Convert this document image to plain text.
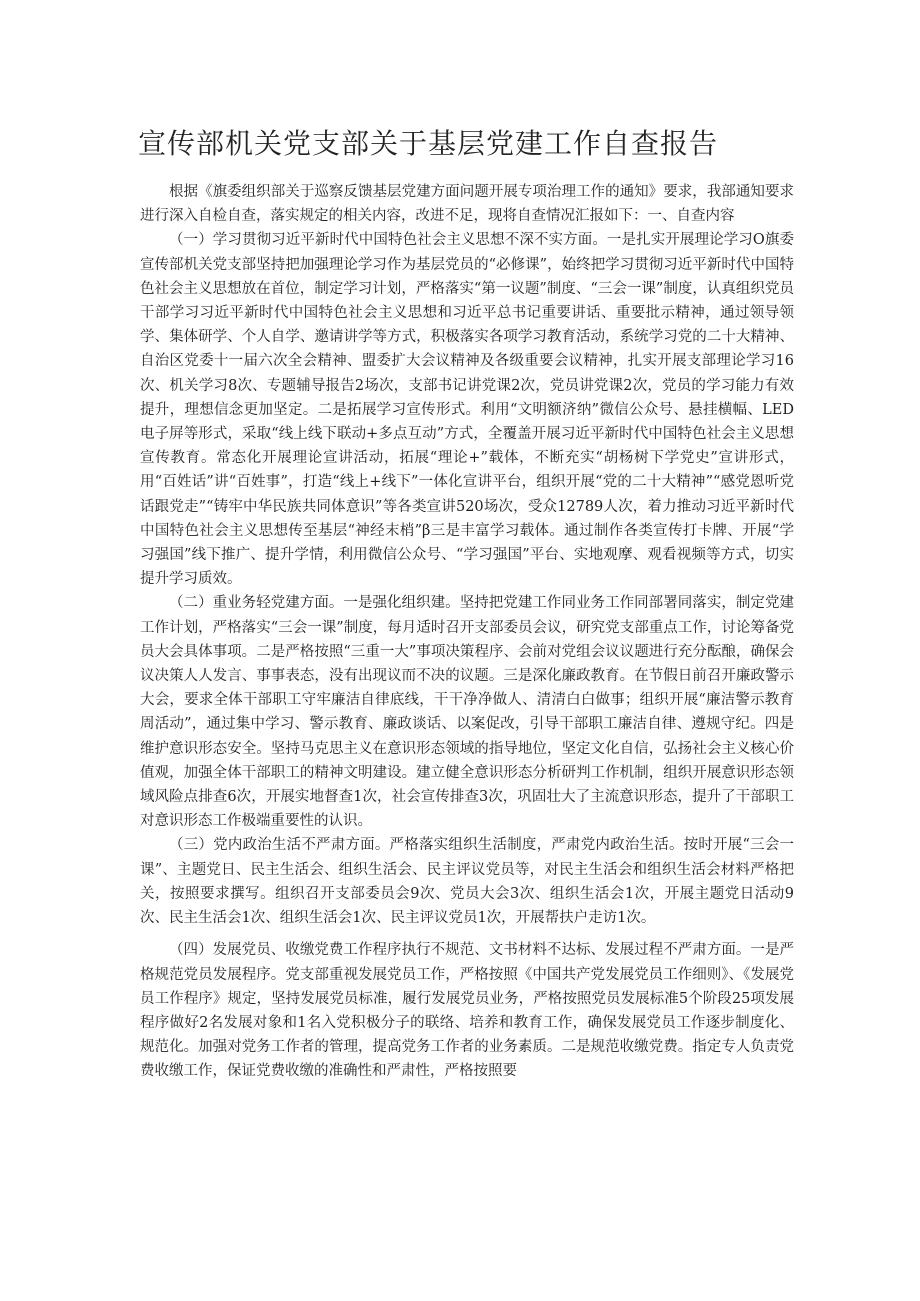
宣传部机关党支部关于基层党建工作自查报告

根据《旗委组织部关于巡察反馈基层党建方面问题开展专项治理工作的通知》要求，我部通知要求进行深入自检自查，落实规定的相关内容，改进不足，现将自查情况汇报如下：一、自查内容

（一）学习贯彻习近平新时代中国特色社会主义思想不深不实方面。一是扎实开展理论学习O旗委宣传部机关党支部坚持把加强理论学习作为基层党员的“必修课”，始终把学习贯彻习近平新时代中国特色社会主义思想放在首位，制定学习计划，严格落实“第一议题”制度、“三会一课”制度，认真组织党员干部学习习近平新时代中国特色社会主义思想和习近平总书记重要讲话、重要批示精神，通过领导领学、集体研学、个人自学、邀请讲学等方式，积极落实各项学习教育活动，系统学习党的二十大精神、自治区党委十一届六次全会精神、盟委扩大会议精神及各级重要会议精神，扎实开展支部理论学习16次、机关学习8次、专题辅导报告2场次，支部书记讲党课2次，党员讲党课2次，党员的学习能力有效提升，理想信念更加坚定。二是拓展学习宣传形式。利用“文明额济纳”微信公众号、悬挂横幅、LED电子屏等形式，采取“线上线下联动+多点互动”方式，全覆盖开展习近平新时代中国特色社会主义思想宣传教育。常态化开展理论宣讲活动，拓展“理论+”载体，不断充实“胡杨树下学党史”宣讲形式，用“百姓话”讲“百姓事”，打造“线上+线下”一体化宣讲平台，组织开展“党的二十大精神”“感党恩听党话跟党走”“铸牢中华民族共同体意识”等各类宣讲520场次，受众12789人次，着力推动习近平新时代中国特色社会主义思想传至基层“神经末梢”β三是丰富学习载体。通过制作各类宣传打卡牌、开展“学习强国”线下推广、提升学情，利用微信公众号、“学习强国”平台、实地观摩、观看视频等方式，切实提升学习质效。

（二）重业务轻党建方面。一是强化组织建。坚持把党建工作同业务工作同部署同落实，制定党建工作计划，严格落实“三会一课”制度，每月适时召开支部委员会议，研究党支部重点工作，讨论筹备党员大会具体事项。二是严格按照“三重一大”事项决策程序、会前对党组会议议题进行充分酝酿，确保会议决策人人发言、事事表态，没有出现议而不决的议题。三是深化廉政教育。在节假日前召开廉政警示大会，要求全体干部职工守牢廉洁自律底线，干干净净做人、清清白白做事；组织开展“廉洁警示教育周活动”，通过集中学习、警示教育、廉政谈话、以案促改，引导干部职工廉洁自律、遵规守纪。四是维护意识形态安全。坚持马克思主义在意识形态领域的指导地位，坚定文化自信，弘扬社会主义核心价值观，加强全体干部职工的精神文明建设。建立健全意识形态分析研判工作机制，组织开展意识形态领域风险点排查6次，开展实地督查1次，社会宣传排查3次，巩固壮大了主流意识形态，提升了干部职工对意识形态工作极端重要性的认识。

（三）党内政治生活不严肃方面。严格落实组织生活制度，严肃党内政治生活。按时开展“三会一课”、主题党日、民主生活会、组织生活会、民主评议党员等，对民主生活会和组织生活会材料严格把关，按照要求撰写。组织召开支部委员会9次、党员大会3次、组织生活会1次，开展主题党日活动9次、民主生活会1次、组织生活会1次、民主评议党员1次，开展帮扶户走访1次。

（四）发展党员、收缴党费工作程序执行不规范、文书材料不达标、发展过程不严肃方面。一是严格规范党员发展程序。党支部重视发展党员工作，严格按照《中国共产党发展党员工作细则》、《发展党员工作程序》规定，坚持发展党员标准，履行发展党员业务，严格按照党员发展标准5个阶段25项发展程序做好2名发展对象和1名入党积极分子的联络、培养和教育工作，确保发展党员工作逐步制度化、规范化。加强对党务工作者的管理，提高党务工作者的业务素质。二是规范收缴党费。指定专人负责党费收缴工作，保证党费收缴的准确性和严肃性，严格按照要
